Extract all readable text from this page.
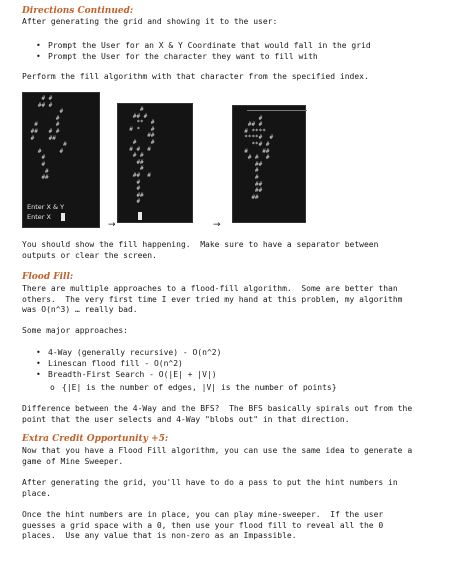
Directions Continued:
After generating the grid and showing it to the user:
• Prompt the User for an X & Y Coordinate that would fall in the grid
• Prompt the User for the character they want to fill with
Perform the fill algorithm with that character from the specified index.
# #
## #
#
#
#     #
##   # #
#    ##
#
#     #
#
#
#
##
Enter X & Y
Enter X
→
#
## #
**  #
# *   #
##
#    #
# #  #
# #
##
#
##  #
#
#
##
#
→

#
## #
# ****
****#  #
**# #
#    ##
# #  #
##
#
#
##
##
##
You should show the fill happening.  Make sure to have a separator between
outputs or clear the screen.
Flood Fill:
There are multiple approaches to a flood-fill algorithm.  Some are better than
others.  The very first time I ever tried my hand at this problem, my algorithm
was O(n^3) … really bad.
Some major approaches:
• 4-Way (generally recursive) - O(n^2)
• Linescan flood fill - O(n^2)
• Breadth-First Search - O(|E| + |V|)
o {|E| is the number of edges, |V| is the number of points}
Difference between the 4-Way and the BFS?  The BFS basically spirals out from the
point that the user selects and 4-Way "blobs out" in that direction.
Extra Credit Opportunity +5:
Now that you have a Flood Fill algorithm, you can use the same idea to generate a
game of Mine Sweeper.
After generating the grid, you'll have to do a pass to put the hint numbers in
place.
Once the hint numbers are in place, you can play mine-sweeper.  If the user
guesses a grid space with a 0, then use your flood fill to reveal all the 0
places.  Use any value that is non-zero as an Impassible.
